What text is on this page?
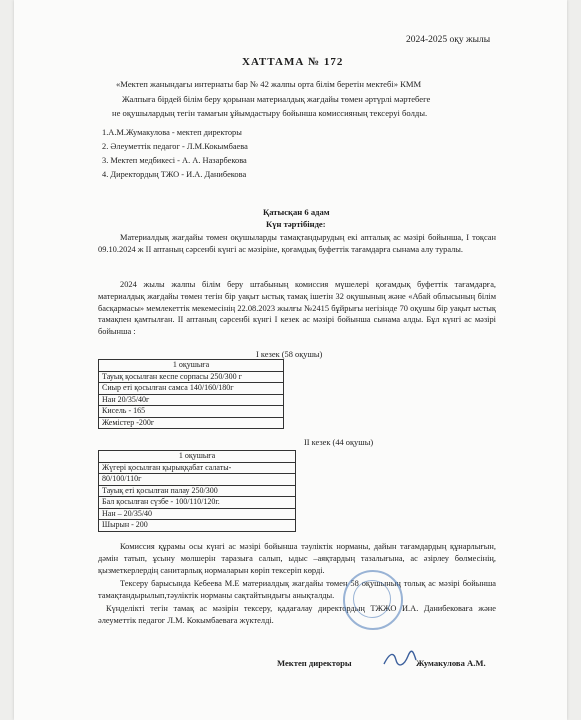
2024-2025 оқу жылы
ХАТТАМА № 172
«Мектеп жанындағы интернаты бар № 42 жалпы орта білім беретін мектебі» КММ
Жалпыға бірдей білім беру қорынан материалдық жағдайы төмен әртүрлі мәртебеге
не оқушылардың тегін тамағын ұйымдастыру бойынша комиссияның тексеруі болды.
1.А.М.Жумакулова - мектеп директоры
2. Әлеуметтік педагог - Л.М.Кокымбаева
3. Мектеп медбикесі - А. А. Назарбекова
4. Директордың ТЖО - И.А. Данибекова
Қатысқан 6 адам
Күн тәртібінде:
Материалдық жағдайы төмен оқушыларды тамақтандырудың екі апталық ас мәзірі бойынша, I тоқсан 09.10.2024 ж II аптаның сәрсенбі күнгі ас мәзіріне, қоғамдық буфеттік тағамдарға сынама алу туралы.
2024 жылы жалпы білім беру штабының комиссия мүшелері қоғамдық буфеттік тағамдарға, материалдық жағдайы төмен тегін бір уақыт ыстық тамақ ішетін 32 оқушының және «Абай облысының білім басқармасы» мемлекеттік мекемесінің 22.08.2023 жылғы №2415 бұйрығы негізінде 70 оқушы бір уақыт ыстық тамақпен қамтылған. II аптаның сәрсенбі күнгі I кезек ас мәзірі бойынша сынама алды. Бұл күнгі ас мәзірі бойынша :
I кезек (58 оқушы)
1 оқушыға
Тауық қосылған кеспе сорпасы 250/300 г
Сиыр еті қосылған самса 140/160/180г
Нан 20/35/40г
Кисель - 165
Жемістер -200г
II кезек (44 оқушы)
1 оқушыға
Жүгері қосылған қырыққабат салаты-
80/100/110г
Тауық еті қосылған палау 250/300
Бал қосылған сүзбе - 100/110/120г.
Нан – 20/35/40
Шырын - 200
Комиссия құрамы осы күнгі ас мәзірі бойынша тәуліктік норманы, дайын тағамдардың құнарлығын, дәмін татып, ұсыну мөлшерін таразыға салып, ыдыс –аяқтардың тазалығына, ас әзірлеу бөлмесінің, қызметкерлердің санитарлық нормаларын көріп тексеріп көрді.
Тексеру барысында Кебеева М.Е материалдық жағдайы төмен 58 оқушының толық ас мәзірі бойынша тамақтандырылып,тәуліктік норманы сақтайтындығы анықталды.
Күнделікті тегін тамақ ас мәзірін тексеру, қадағалау директордың ТЖЖО И.А. Данибековаға және әлеуметтік педагог Л.М. Кокымбаеваға жүктелді.
Мектеп директоры	Жумакулова А.М.
